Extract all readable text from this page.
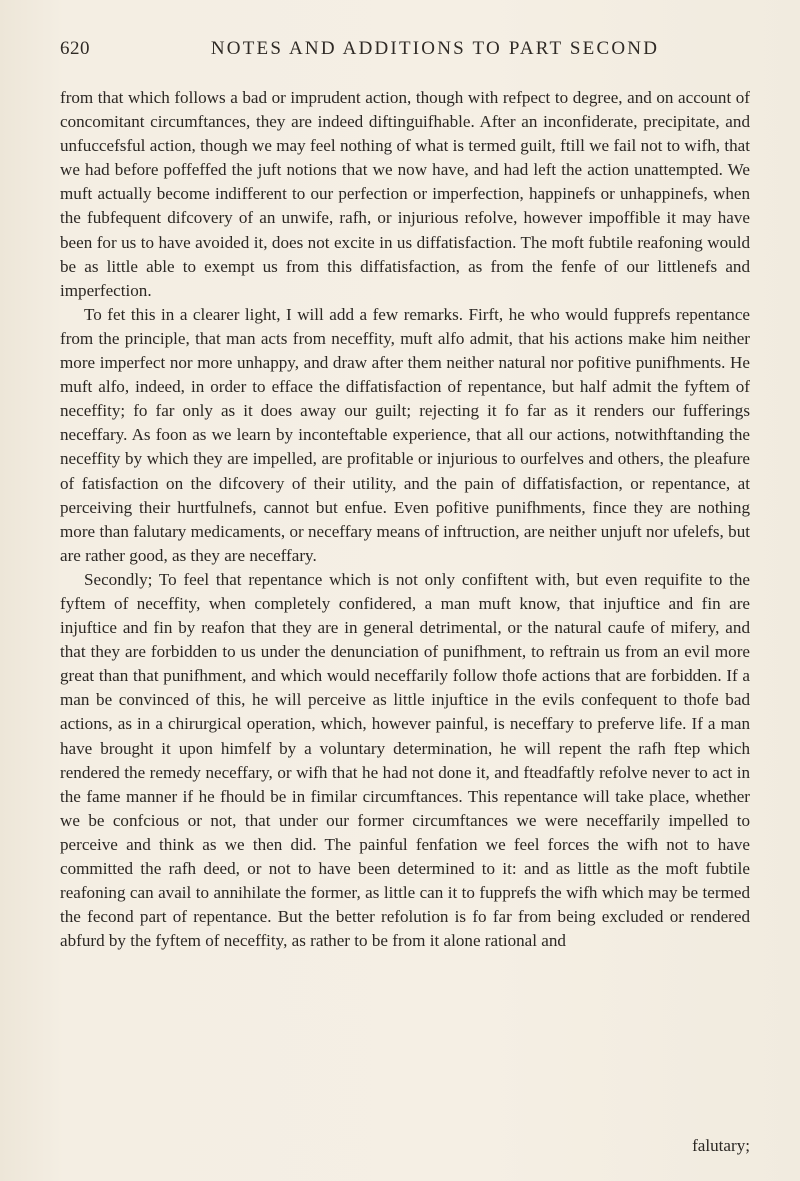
620	NOTES AND ADDITIONS TO PART SECOND

from that which follows a bad or imprudent action, though with refpect to degree, and on account of concomitant circumftances, they are indeed diftinguifhable. After an inconfiderate, precipitate, and unfuccefsful action, though we may feel nothing of what is termed guilt, ftill we fail not to wifh, that we had before poffeffed the juft notions that we now have, and had left the action unattempted. We muft actually become indifferent to our perfection or imperfection, happinefs or unhappinefs, when the fubfequent difcovery of an unwife, rafh, or injurious refolve, however impoffible it may have been for us to have avoided it, does not excite in us diffatisfaction. The moft fubtile reafoning would be as little able to exempt us from this diffatisfaction, as from the fenfe of our littlenefs and imperfection.

To fet this in a clearer light, I will add a few remarks. Firft, he who would fupprefs repentance from the principle, that man acts from neceffity, muft alfo admit, that his actions make him neither more imperfect nor more unhappy, and draw after them neither natural nor pofitive punifhments. He muft alfo, indeed, in order to efface the diffatisfaction of repentance, but half admit the fyftem of neceffity; fo far only as it does away our guilt; rejecting it fo far as it renders our fufferings neceffary. As foon as we learn by inconteftable experience, that all our actions, notwithftanding the neceffity by which they are impelled, are profitable or injurious to ourfelves and others, the pleafure of fatisfaction on the difcovery of their utility, and the pain of diffatisfaction, or repentance, at perceiving their hurtfulnefs, cannot but enfue. Even pofitive punifhments, fince they are nothing more than falutary medicaments, or neceffary means of inftruction, are neither unjuft nor ufelefs, but are rather good, as they are neceffary.

Secondly; To feel that repentance which is not only confiftent with, but even requifite to the fyftem of neceffity, when completely confidered, a man muft know, that injuftice and fin are injuftice and fin by reafon that they are in general detrimental, or the natural caufe of mifery, and that they are forbidden to us under the denunciation of punifhment, to reftrain us from an evil more great than that punifhment, and which would neceffarily follow thofe actions that are forbidden. If a man be convinced of this, he will perceive as little injuftice in the evils confequent to thofe bad actions, as in a chirurgical operation, which, however painful, is neceffary to preferve life. If a man have brought it upon himfelf by a voluntary determination, he will repent the rafh ftep which rendered the remedy neceffary, or wifh that he had not done it, and fteadfaftly refolve never to act in the fame manner if he fhould be in fimilar circumftances. This repentance will take place, whether we be confcious or not, that under our former circumftances we were neceffarily impelled to perceive and think as we then did. The painful fenfation we feel forces the wifh not to have committed the rafh deed, or not to have been determined to it: and as little as the moft fubtile reafoning can avail to annihilate the former, as little can it to fupprefs the wifh which may be termed the fecond part of repentance. But the better refolution is fo far from being excluded or rendered abfurd by the fyftem of neceffity, as rather to be from it alone rational and

falutary;
